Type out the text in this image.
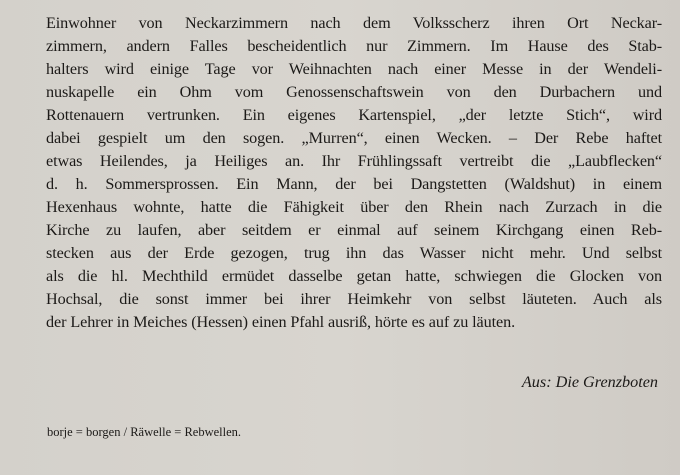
Einwohner von Neckarzimmern nach dem Volksscherz ihren Ort Neckar-
zimmern, andern Falles bescheidentlich nur Zimmern. Im Hause des Stab-
halters wird einige Tage vor Weihnachten nach einer Messe in der Wendeli-
nuskapelle ein Ohm vom Genossenschaftswein von den Durbachern und
Rottenauern vertrunken. Ein eigenes Kartenspiel, „der letzte Stich“, wird
dabei gespielt um den sogen. „Murren“, einen Wecken. – Der Rebe haftet
etwas Heilendes, ja Heiliges an. Ihr Frühlingssaft vertreibt die „Laubflecken“
d. h. Sommersprossen. Ein Mann, der bei Dangstetten (Waldshut) in einem
Hexenhaus wohnte, hatte die Fähigkeit über den Rhein nach Zurzach in die
Kirche zu laufen, aber seitdem er einmal auf seinem Kirchgang einen Reb-
stecken aus der Erde gezogen, trug ihn das Wasser nicht mehr. Und selbst
als die hl. Mechthild ermüdet dasselbe getan hatte, schwiegen die Glocken von
Hochsal, die sonst immer bei ihrer Heimkehr von selbst läuteten. Auch als
der Lehrer in Meiches (Hessen) einen Pfahl ausriß, hörte es auf zu läuten.
Aus: Die Grenzboten
borje = borgen / Räwelle = Rebwellen.
